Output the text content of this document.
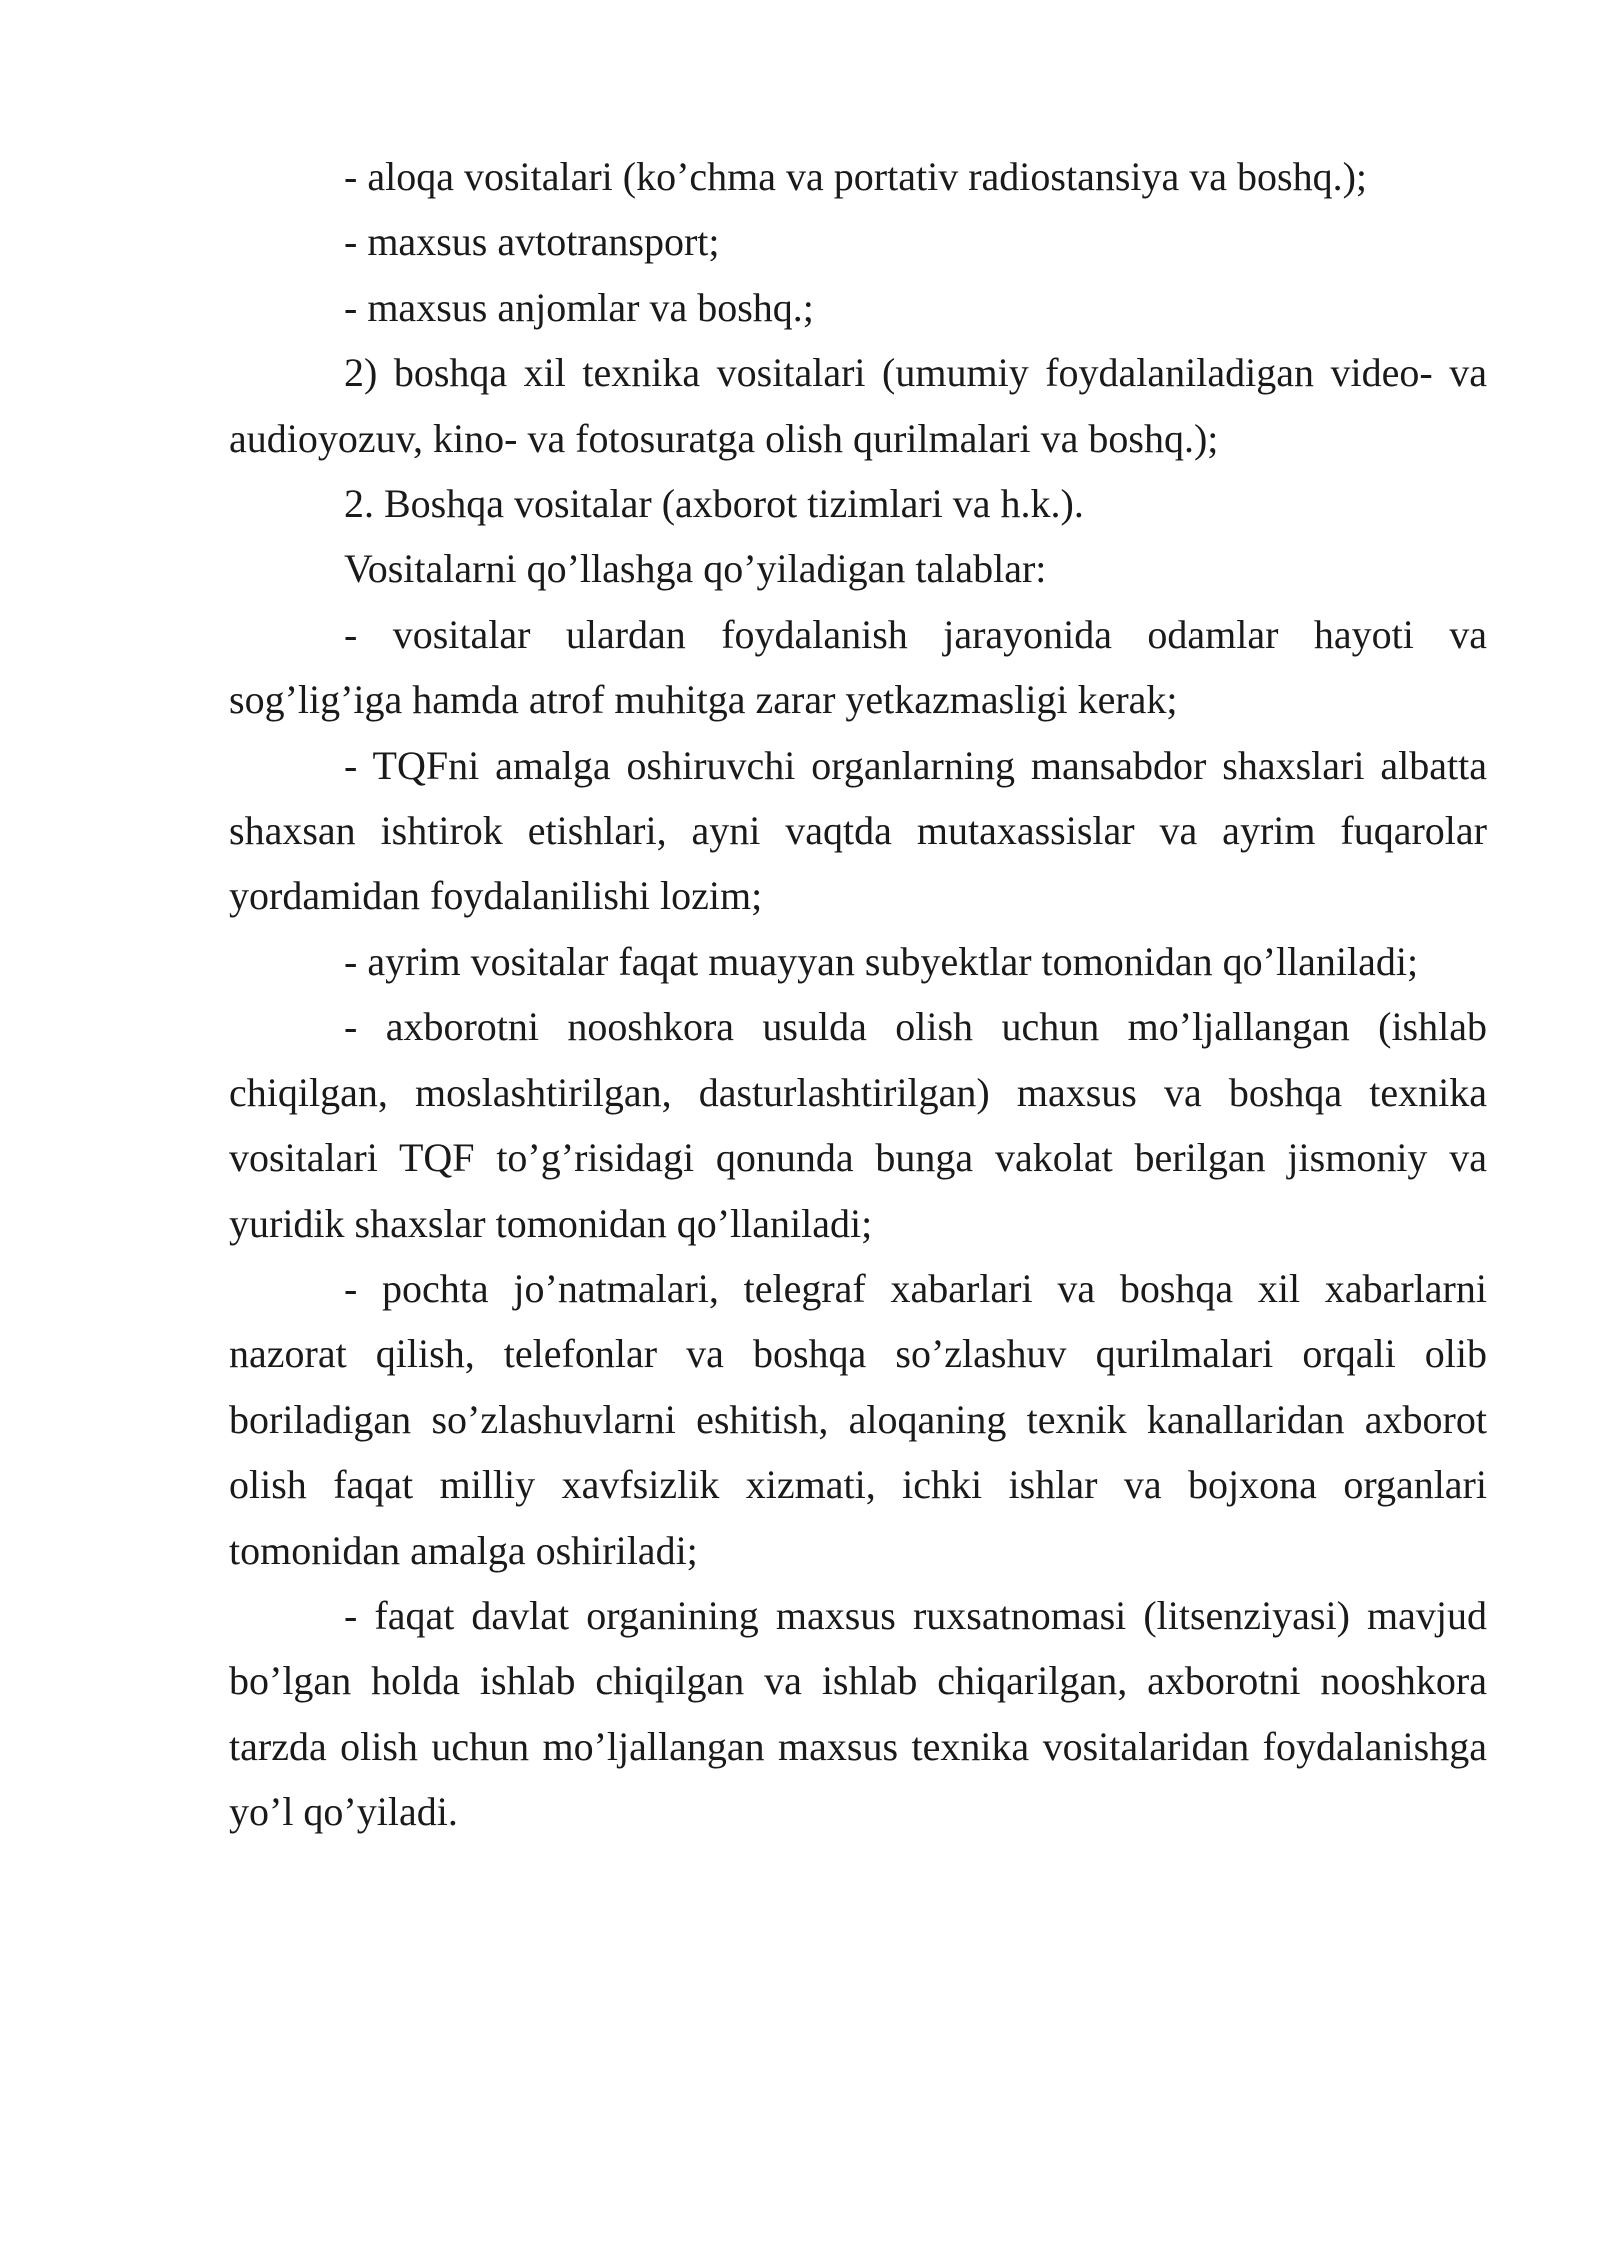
- aloqa vositalari (ko’chma va portativ radiostansiya va boshq.);

- maxsus avtotransport;

- maxsus anjomlar va boshq.;

2) boshqa xil texnika vositalari (umumiy foydalaniladigan video- va audioyozuv, kino- va fotosuratga olish qurilmalari va boshq.);

2. Boshqa vositalar (axborot tizimlari va h.k.).

Vositalarni qo’llashga qo’yiladigan talablar:

- vositalar ulardan foydalanish jarayonida odamlar hayoti va sog’lig’iga hamda atrof muhitga zarar yetkazmasligi kerak;

- TQFni amalga oshiruvchi organlarning mansabdor shaxslari albatta shaxsan ishtirok etishlari, ayni vaqtda mutaxassislar va ayrim fuqarolar yordamidan foydalanilishi lozim;

- ayrim vositalar faqat muayyan subyektlar tomonidan qo’llaniladi;

- axborotni nooshkora usulda olish uchun mo’ljallangan (ishlab chiqilgan, moslashtirilgan, dasturlashtirilgan) maxsus va boshqa texnika vositalari TQF to’g’risidagi qonunda bunga vakolat berilgan jismoniy va yuridik shaxslar tomonidan qo’llaniladi;

- pochta jo’natmalari, telegraf xabarlari va boshqa xil xabarlarni nazorat qilish, telefonlar va boshqa so’zlashuv qurilmalari orqali olib boriladigan so’zlashuvlarni eshitish, aloqaning texnik kanallaridan axborot olish faqat milliy xavfsizlik xizmati, ichki ishlar va bojxona organlari tomonidan amalga oshiriladi;

- faqat davlat organining maxsus ruxsatnomasi (litsenziyasi) mavjud bo’lgan holda ishlab chiqilgan va ishlab chiqarilgan, axborotni nooshkora tarzda olish uchun mo’ljallangan maxsus texnika vositalaridan foydalanishga yo’l qo’yiladi.
